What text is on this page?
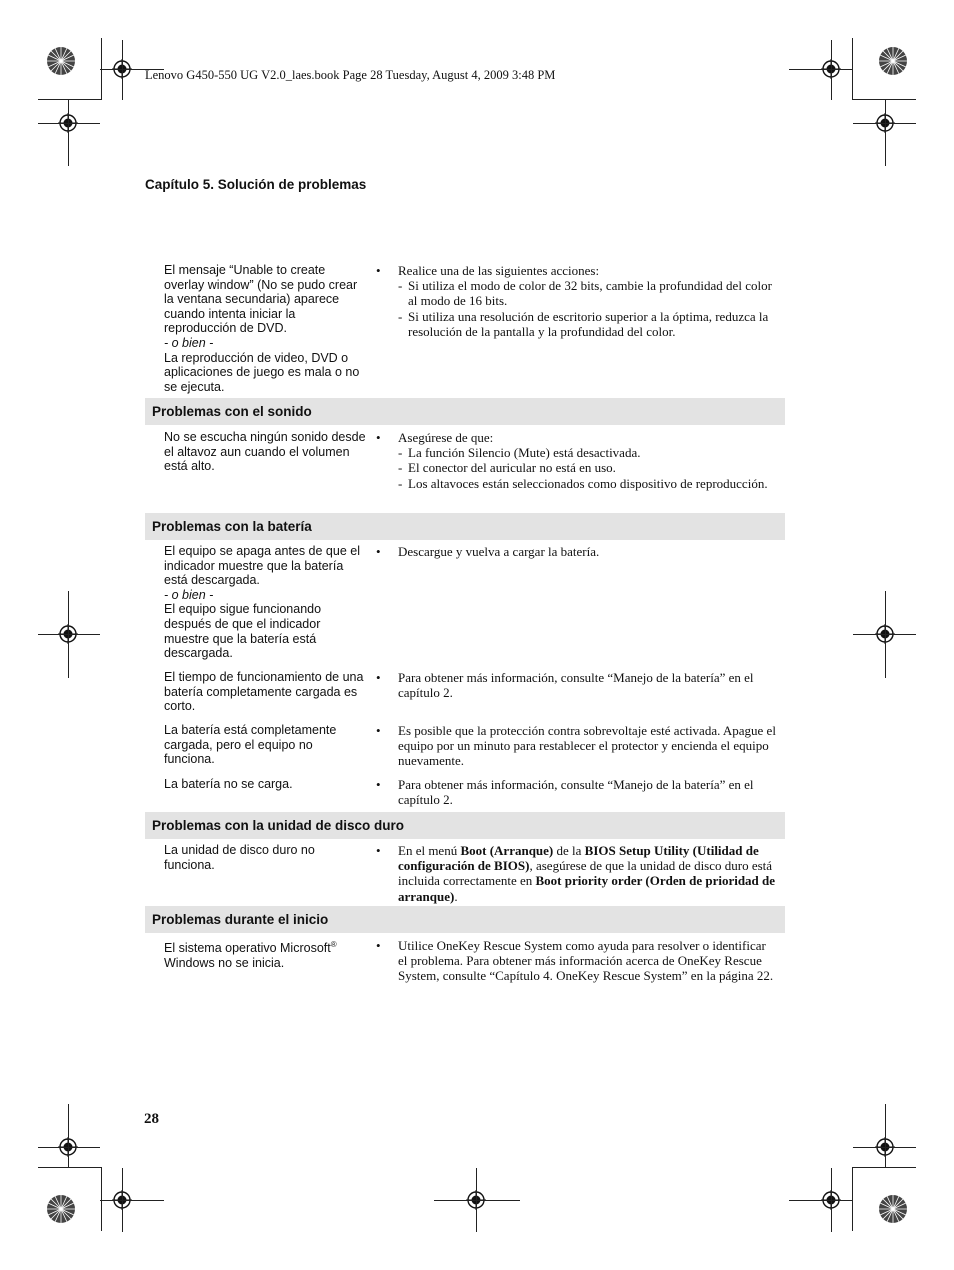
Lenovo G450-550 UG V2.0_laes.book Page 28 Tuesday, August 4, 2009 3:48 PM
Capítulo 5. Solución de problemas
El mensaje “Unable to create overlay window” (No se pudo crear la ventana secundaria) aparece cuando intenta iniciar la reproducción de DVD.
- o bien -
La reproducción de video, DVD o aplicaciones de juego es mala o no se ejecuta.
• Realice una de las siguientes acciones:
- Si utiliza el modo de color de 32 bits, cambie la profundidad del color al modo de 16 bits.
- Si utiliza una resolución de escritorio superior a la óptima, reduzca la resolución de la pantalla y la profundidad del color.
Problemas con el sonido
No se escucha ningún sonido desde el altavoz aun cuando el volumen está alto.
• Asegúrese de que:
- La función Silencio (Mute) está desactivada.
- El conector del auricular no está en uso.
- Los altavoces están seleccionados como dispositivo de reproducción.
Problemas con la batería
El equipo se apaga antes de que el indicador muestre que la batería está descargada.
- o bien -
El equipo sigue funcionando después de que el indicador muestre que la batería está descargada.
• Descargue y vuelva a cargar la batería.
El tiempo de funcionamiento de una batería completamente cargada es corto.
• Para obtener más información, consulte “Manejo de la batería” en el capítulo 2.
La batería está completamente cargada, pero el equipo no funciona.
• Es posible que la protección contra sobrevoltaje esté activada. Apague el equipo por un minuto para restablecer el protector y encienda el equipo nuevamente.
La batería no se carga.	• Para obtener más información, consulte “Manejo de la batería” en el capítulo 2.
Problemas con la unidad de disco duro
La unidad de disco duro no funciona.
• En el menú Boot (Arranque) de la BIOS Setup Utility (Utilidad de configuración de BIOS), asegúrese de que la unidad de disco duro está incluida correctamente en Boot priority order (Orden de prioridad de arranque).
Problemas durante el inicio
El sistema operativo Microsoft®
Windows no se inicia.
• Utilice OneKey Rescue System como ayuda para resolver o identificar el problema. Para obtener más información acerca de OneKey Rescue System, consulte “Capítulo 4. OneKey Rescue System” en la página 22.
28
